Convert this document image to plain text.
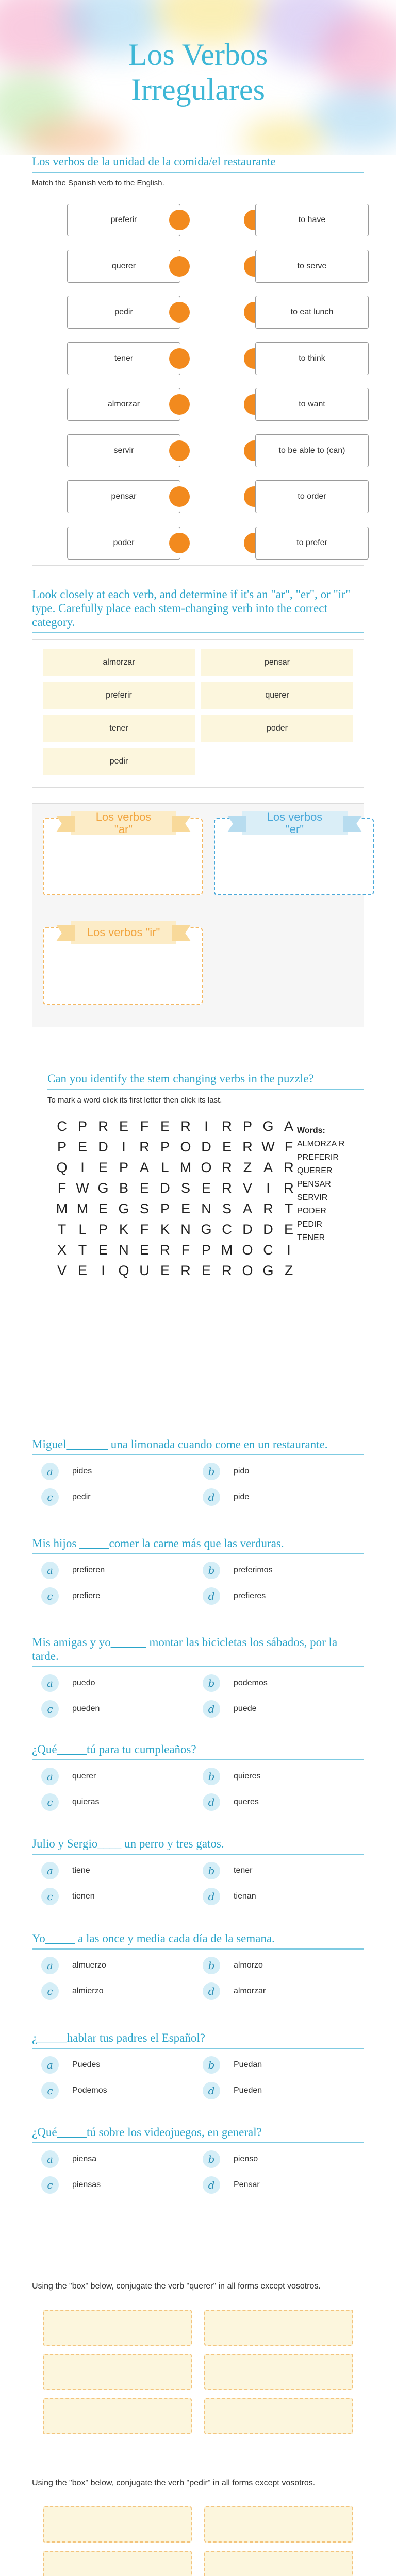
Los Verbos
Irregulares
Los verbos de la unidad de la comida/el restaurante
Match the Spanish verb to the English.
preferir	to have
querer	to serve
pedir	to eat lunch
tener	to think
almorzar	to want
servir	to be able to (can)
pensar	to order
poder	to prefer
Look closely at each verb, and determine if it's an "ar", "er", or "ir" type. Carefully place each stem-changing verb into the correct category.
almorzar	pensar
preferir	querer
tener	poder
pedir
Los verbos
"ar"
Los verbos
"er"
Los verbos "ir"
Can you identify the stem changing verbs in the puzzle?
To mark a word click its first letter then click its last.
C P R E F E R I R P G A
P E D I R P O D E R W F
Q I	E P A L M O R Z A R
F W G B E D S E R V	I R
M M E G S P E N S A R T
T L P K F K N G C D D E
X T E N E R F P M O C I
V E	I Q U E R E R O G Z
Words:
ALMORZA R
PREFERIR
QUERER
PENSAR
SERVIR
PODER
PEDIR
TENER
Miguel_______ una limonada cuando come en un restaurante.
a	pides	b	pido
c	pedir	d	pide
Mis hijos _____comer la carne más que las verduras.
a	prefieren	b	preferimos
c	prefiere	d	prefieres
Mis amigas y yo______ montar las bicicletas los sábados, por la tarde.
a	puedo	b	podemos
c	pueden	d	puede
¿Qué_____tú para tu cumpleaños?
a	querer	b	quieres
c	quieras	d	queres
Julio y Sergio____ un perro y tres gatos.
a	tiene	b	tener
c	tienen	d	tienan
Yo_____ a las once y media cada día de la semana.
a	almuerzo	b	almorzo
c	almierzo	d	almorzar
¿_____hablar tus padres el Español?
a	Puedes	b	Puedan
c	Podemos	d	Pueden
¿Qué_____tú sobre los videojuegos, en general?
a	piensa	b	pienso
c	piensas	d	Pensar
Using the "box" below, conjugate the verb "querer" in all forms except vosotros.
Using the "box" below, conjugate the verb "pedir" in all forms except vosotros.
